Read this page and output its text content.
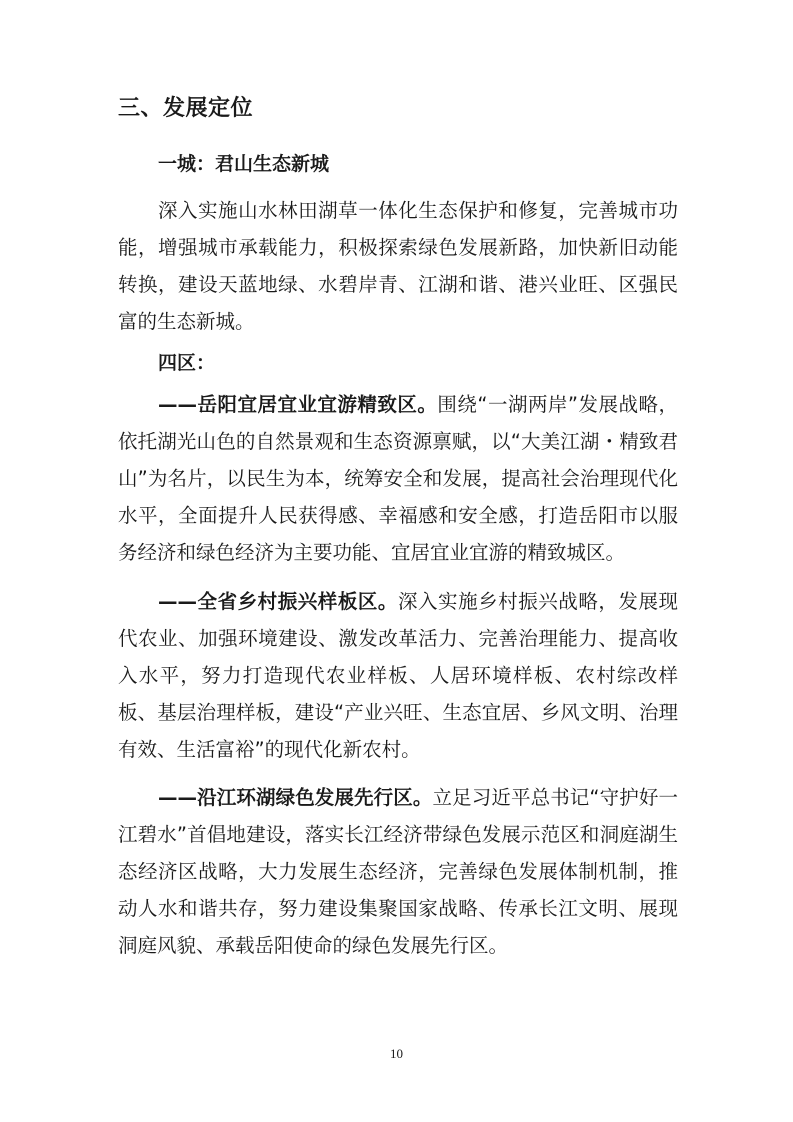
三、发展定位
一城：君山生态新城

深入实施山水林田湖草一体化生态保护和修复，完善城市功能，增强城市承载能力，积极探索绿色发展新路，加快新旧动能转换，建设天蓝地绿、水碧岸青、江湖和谐、港兴业旺、区强民富的生态新城。

四区：

——岳阳宜居宜业宜游精致区。围绕“一湖两岸”发展战略，依托湖光山色的自然景观和生态资源禀赋，以“大美江湖・精致君山”为名片，以民生为本，统筹安全和发展，提高社会治理现代化水平，全面提升人民获得感、幸福感和安全感，打造岳阳市以服务经济和绿色经济为主要功能、宜居宜业宜游的精致城区。

——全省乡村振兴样板区。深入实施乡村振兴战略，发展现代农业、加强环境建设、激发改革活力、完善治理能力、提高收入水平，努力打造现代农业样板、人居环境样板、农村综改样板、基层治理样板，建设“产业兴旺、生态宜居、乡风文明、治理有效、生活富裕”的现代化新农村。

——沿江环湖绿色发展先行区。立足习近平总书记“守护好一江碧水”首倡地建设，落实长江经济带绿色发展示范区和洞庭湖生态经济区战略，大力发展生态经济，完善绿色发展体制机制，推动人水和谐共存，努力建设集聚国家战略、传承长江文明、展现洞庭风貌、承载岳阳使命的绿色发展先行区。

10
